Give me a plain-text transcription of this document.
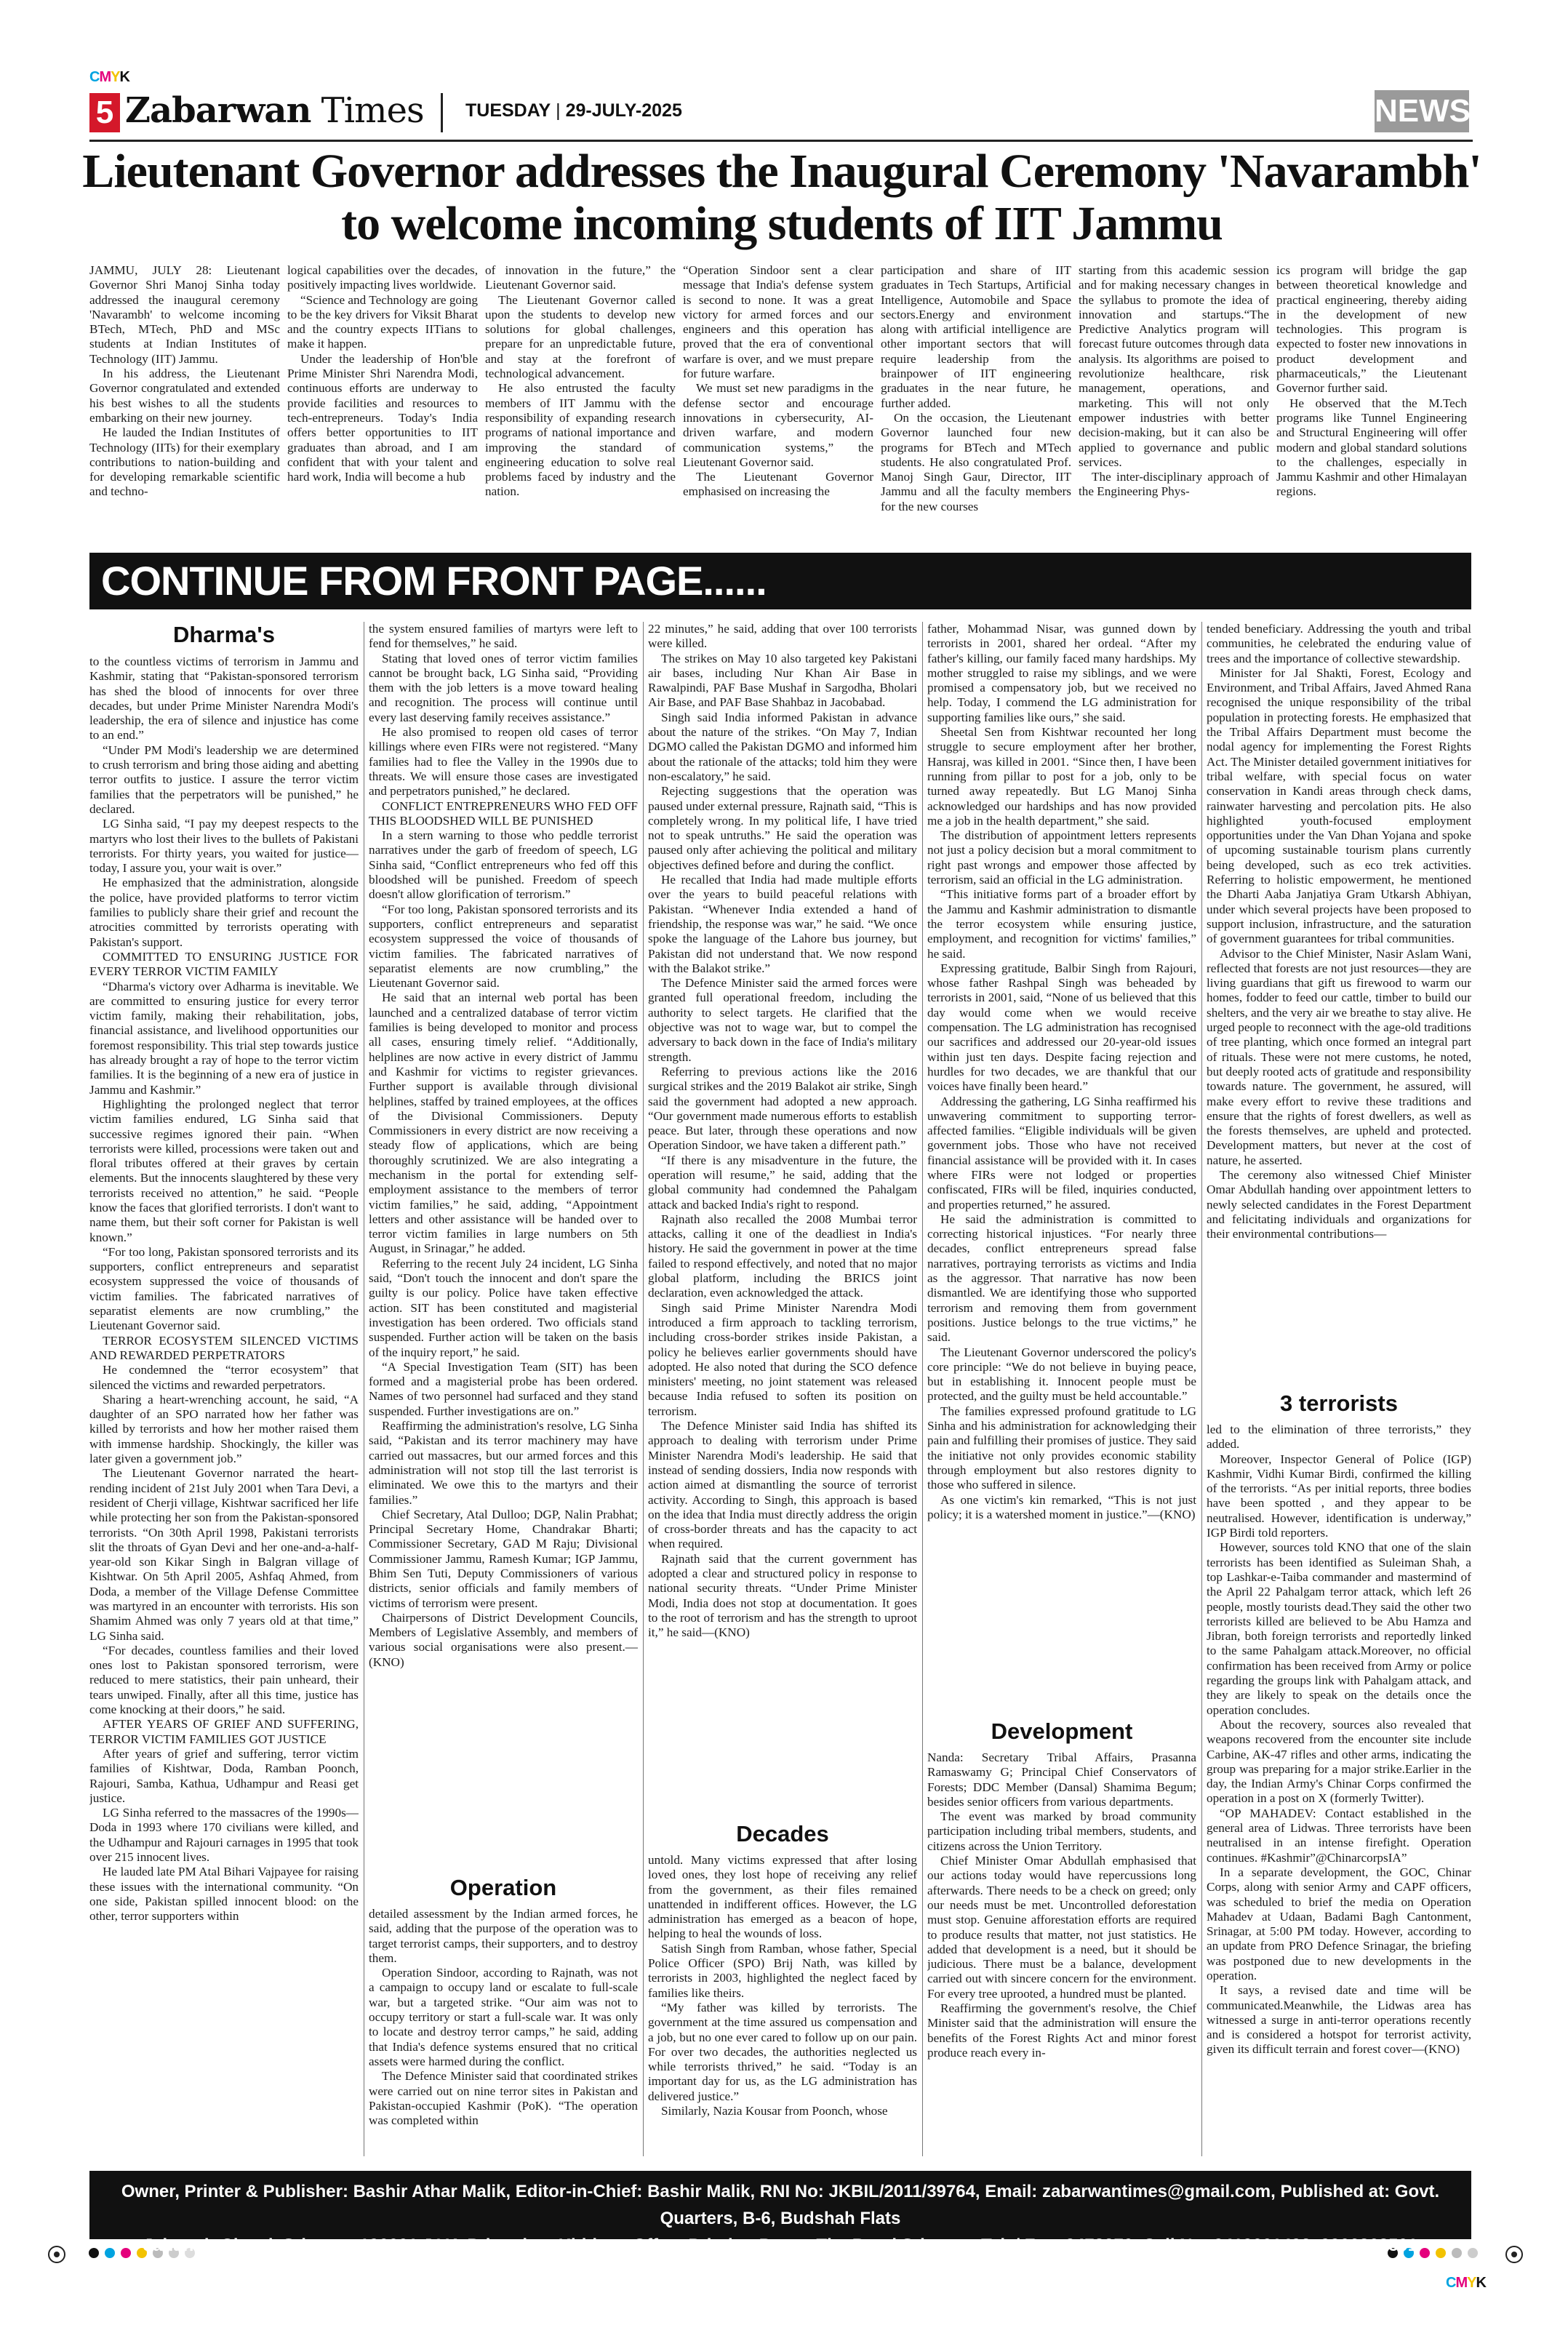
CMYK
CMYK
5 Zabarwan Times TUESDAY | 29-JULY-2025	NEWS
Lieutenant Governor addresses the Inaugural Ceremony 'Navarambh' to welcome incoming students of IIT Jammu

JAMMU, JULY 28: Lieutenant Governor Shri Manoj Sinha today addressed the inaugural ceremony 'Navarambh' to welcome incoming BTech, MTech, PhD and MSc students at Indian Institutes of Technology (IIT) Jammu.

In his address, the Lieutenant Governor congratulated and extended his best wishes to all the students embarking on their new journey.

He lauded the Indian Institutes of Technology (IITs) for their exemplary contributions to nation-building and for developing remarkable scientific and techno-

logical capabilities over the decades, positively impacting lives worldwide.

“Science and Technology are going to be the key drivers for Viksit Bharat and the country expects IITians to make it happen.

Under the leadership of Hon'ble Prime Minister Shri Narendra Modi, continuous efforts are underway to provide facilities and resources to tech-entrepreneurs. Today's India offers better opportunities to IIT graduates than abroad, and I am confident that with your talent and hard work, India will become a hub

of innovation in the future,” the Lieutenant Governor said.

The Lieutenant Governor called upon the students to develop new solutions for global challenges, prepare for an unpredictable future, and stay at the forefront of technological advancement.

He also entrusted the faculty members of IIT Jammu with the responsibility of expanding research programs of national importance and improving the standard of engineering education to solve real problems faced by industry and the nation.

“Operation Sindoor sent a clear message that India's defense system is second to none. It was a great victory for armed forces and our engineers and this operation has proved that the era of conventional warfare is over, and we must prepare for future warfare.

We must set new paradigms in the defense sector and encourage innovations in cybersecurity, AI-driven warfare, and modern communication systems,” the Lieutenant Governor said.

The Lieutenant Governor emphasised on increasing the

participation and share of IIT graduates in Tech Startups, Artificial Intelligence, Automobile and Space sectors.Energy and environment along with artificial intelligence are other important sectors that will require leadership from the brainpower of IIT engineering graduates in the near future, he further added.

On the occasion, the Lieutenant Governor launched four new programs for BTech and MTech students. He also congratulated Prof. Manoj Singh Gaur, Director, IIT Jammu and all the faculty members for the new courses

starting from this academic session and for making necessary changes in the syllabus to promote the idea of innovation and startups.“The Predictive Analytics program will forecast future outcomes through data analysis. Its algorithms are poised to revolutionize healthcare, risk management, operations, and marketing. This will not only empower industries with better decision-making, but it can also be applied to governance and public services.

The inter-disciplinary approach of the Engineering Phys-

ics program will bridge the gap between theoretical knowledge and practical engineering, thereby aiding in the development of new technologies. This program is expected to foster new innovations in product development and pharmaceuticals,” the Lieutenant Governor further said.

He observed that the M.Tech programs like Tunnel Engineering and Structural Engineering will offer modern and global standard solutions to the challenges, especially in Jammu Kashmir and other Himalayan regions.

CONTINUE FROM FRONT PAGE......
Dharma's

to the countless victims of terrorism in Jammu and Kashmir, stating that “Pakistan-sponsored terrorism has shed the blood of innocents for over three decades, but under Prime Minister Narendra Modi's leadership, the era of silence and injustice has come to an end.”

“Under PM Modi's leadership we are determined to crush terrorism and bring those aiding and abetting terror outfits to justice. I assure the terror victim families that the perpetrators will be punished,” he declared.

LG Sinha said, “I pay my deepest respects to the martyrs who lost their lives to the bullets of Pakistani terrorists. For thirty years, you waited for justice—today, I assure you, your wait is over.”

He emphasized that the administration, alongside the police, have provided platforms to terror victim families to publicly share their grief and recount the atrocities committed by terrorists operating with Pakistan's support.

COMMITTED TO ENSURING JUSTICE FOR EVERY TERROR VICTIM FAMILY

“Dharma's victory over Adharma is inevitable. We are committed to ensuring justice for every terror victim family, making their rehabilitation, jobs, financial assistance, and livelihood opportunities our foremost responsibility. This trial step towards justice has already brought a ray of hope to the terror victim families. It is the beginning of a new era of justice in Jammu and Kashmir.”

Highlighting the prolonged neglect that terror victim families endured, LG Sinha said that successive regimes ignored their pain. “When terrorists were killed, processions were taken out and floral tributes offered at their graves by certain elements. But the innocents slaughtered by these very terrorists received no attention,” he said. “People know the faces that glorified terrorists. I don't want to name them, but their soft corner for Pakistan is well known.”

“For too long, Pakistan sponsored terrorists and its supporters, conflict entrepreneurs and separatist ecosystem suppressed the voice of thousands of victim families. The fabricated narratives of separatist elements are now crumbling,” the Lieutenant Governor said.

TERROR ECOSYSTEM SILENCED VICTIMS AND REWARDED PERPETRATORS

He condemned the “terror ecosystem” that silenced the victims and rewarded perpetrators.

Sharing a heart-wrenching account, he said, “A daughter of an SPO narrated how her father was killed by terrorists and how her mother raised them with immense hardship. Shockingly, the killer was later given a government job.”

The Lieutenant Governor narrated the heart-rending incident of 21st July 2001 when Tara Devi, a resident of Cherji village, Kishtwar sacrificed her life while protecting her son from the Pakistan-sponsored terrorists. “On 30th April 1998, Pakistani terrorists slit the throats of Gyan Devi and her one-and-a-half-year-old son Kikar Singh in Balgran village of Kishtwar. On 5th April 2005, Ashfaq Ahmed, from Doda, a member of the Village Defense Committee was martyred in an encounter with terrorists. His son Shamim Ahmed was only 7 years old at that time,” LG Sinha said.

“For decades, countless families and their loved ones lost to Pakistan sponsored terrorism, were reduced to mere statistics, their pain unheard, their tears unwiped. Finally, after all this time, justice has come knocking at their doors,” he said.

AFTER YEARS OF GRIEF AND SUFFERING, TERROR VICTIM FAMILIES GOT JUSTICE

After years of grief and suffering, terror victim families of Kishtwar, Doda, Ramban Poonch, Rajouri, Samba, Kathua, Udhampur and Reasi get justice.

LG Sinha referred to the massacres of the 1990s—Doda in 1993 where 170 civilians were killed, and the Udhampur and Rajouri carnages in 1995 that took over 215 innocent lives.

He lauded late PM Atal Bihari Vajpayee for raising these issues with the international community. “On one side, Pakistan spilled innocent blood: on the other, terror supporters within

the system ensured families of martyrs were left to fend for themselves,” he said.

Stating that loved ones of terror victim families cannot be brought back, LG Sinha said, “Providing them with the job letters is a move toward healing and recognition. The process will continue until every last deserving family receives assistance.”

He also promised to reopen old cases of terror killings where even FIRs were not registered. “Many families had to flee the Valley in the 1990s due to threats. We will ensure those cases are investigated and perpetrators punished,” he declared.

CONFLICT ENTREPRENEURS WHO FED OFF THIS BLOODSHED WILL BE PUNISHED

In a stern warning to those who peddle terrorist narratives under the garb of freedom of speech, LG Sinha said, “Conflict entrepreneurs who fed off this bloodshed will be punished. Freedom of speech doesn't allow glorification of terrorism.”

“For too long, Pakistan sponsored terrorists and its supporters, conflict entrepreneurs and separatist ecosystem suppressed the voice of thousands of victim families. The fabricated narratives of separatist elements are now crumbling,” the Lieutenant Governor said.

He said that an internal web portal has been launched and a centralized database of terror victim families is being developed to monitor and process all cases, ensuring timely relief. “Additionally, helplines are now active in every district of Jammu and Kashmir for victims to register grievances. Further support is available through divisional helplines, staffed by trained employees, at the offices of the Divisional Commissioners. Deputy Commissioners in every district are now receiving a steady flow of applications, which are being thoroughly scrutinized. We are also integrating a mechanism in the portal for extending self-employment assistance to the members of terror victim families,” he said, adding, “Appointment letters and other assistance will be handed over to terror victim families in large numbers on 5th August, in Srinagar,” he added.

Referring to the recent July 24 incident, LG Sinha said, “Don't touch the innocent and don't spare the guilty is our policy. Police have taken effective action. SIT has been constituted and magisterial investigation has been ordered. Two officials stand suspended. Further action will be taken on the basis of the inquiry report,” he said.

“A Special Investigation Team (SIT) has been formed and a magisterial probe has been ordered. Names of two personnel had surfaced and they stand suspended. Further investigations are on.”

Reaffirming the administration's resolve, LG Sinha said, “Pakistan and its terror machinery may have carried out massacres, but our armed forces and this administration will not stop till the last terrorist is eliminated. We owe this to the martyrs and their families.”

Chief Secretary, Atal Dulloo; DGP, Nalin Prabhat; Principal Secretary Home, Chandrakar Bharti; Commissioner Secretary, GAD M Raju; Divisional Commissioner Jammu, Ramesh Kumar; IGP Jammu, Bhim Sen Tuti, Deputy Commissioners of various districts, senior officials and family members of victims of terrorism were present.

Chairpersons of District Development Councils, Members of Legislative Assembly, and members of various social organisations were also present.—(KNO)

Operation

detailed assessment by the Indian armed forces, he said, adding that the purpose of the operation was to target terrorist camps, their supporters, and to destroy them.

Operation Sindoor, according to Rajnath, was not a campaign to occupy land or escalate to full-scale war, but a targeted strike. “Our aim was not to occupy territory or start a full-scale war. It was only to locate and destroy terror camps,” he said, adding that India's defence systems ensured that no critical assets were harmed during the conflict.

The Defence Minister said that coordinated strikes were carried out on nine terror sites in Pakistan and Pakistan-occupied Kashmir (PoK). “The operation was completed within

22 minutes,” he said, adding that over 100 terrorists were killed.

The strikes on May 10 also targeted key Pakistani air bases, including Nur Khan Air Base in Rawalpindi, PAF Base Mushaf in Sargodha, Bholari Air Base, and PAF Base Shahbaz in Jacobabad.

Singh said India informed Pakistan in advance about the nature of the strikes. “On May 7, Indian DGMO called the Pakistan DGMO and informed him about the rationale of the attacks; told him they were non-escalatory,” he said.

Rejecting suggestions that the operation was paused under external pressure, Rajnath said, “This is completely wrong. In my political life, I have tried not to speak untruths.” He said the operation was paused only after achieving the political and military objectives defined before and during the conflict.

He recalled that India had made multiple efforts over the years to build peaceful relations with Pakistan. “Whenever India extended a hand of friendship, the response was war,” he said. “We once spoke the language of the Lahore bus journey, but Pakistan did not understand that. We now respond with the Balakot strike.”

The Defence Minister said the armed forces were granted full operational freedom, including the authority to select targets. He clarified that the objective was not to wage war, but to compel the adversary to back down in the face of India's military strength.

Referring to previous actions like the 2016 surgical strikes and the 2019 Balakot air strike, Singh said the government had adopted a new approach. “Our government made numerous efforts to establish peace. But later, through these operations and now Operation Sindoor, we have taken a different path.”

“If there is any misadventure in the future, the operation will resume,” he said, adding that the global community had condemned the Pahalgam attack and backed India's right to respond.

Rajnath also recalled the 2008 Mumbai terror attacks, calling it one of the deadliest in India's history. He said the government in power at the time failed to respond effectively, and noted that no major global platform, including the BRICS joint declaration, even acknowledged the attack.

Singh said Prime Minister Narendra Modi introduced a firm approach to tackling terrorism, including cross-border strikes inside Pakistan, a policy he believes earlier governments should have adopted. He also noted that during the SCO defence ministers' meeting, no joint statement was released because India refused to soften its position on terrorism.

The Defence Minister said India has shifted its approach to dealing with terrorism under Prime Minister Narendra Modi's leadership. He said that instead of sending dossiers, India now responds with action aimed at dismantling the source of terrorist activity. According to Singh, this approach is based on the idea that India must directly address the origin of cross-border threats and has the capacity to act when required.

Rajnath said that the current government has adopted a clear and structured policy in response to national security threats. “Under Prime Minister Modi, India does not stop at documentation. It goes to the root of terrorism and has the strength to uproot it,” he said—(KNO)

Decades

untold. Many victims expressed that after losing loved ones, they lost hope of receiving any relief from the government, as their files remained unattended in indifferent offices. However, the LG administration has emerged as a beacon of hope, helping to heal the wounds of loss.

Satish Singh from Ramban, whose father, Special Police Officer (SPO) Brij Nath, was killed by terrorists in 2003, highlighted the neglect faced by families like theirs.

“My father was killed by terrorists. The government at the time assured us compensation and a job, but no one ever cared to follow up on our pain. For over two decades, the authorities neglected us while terrorists thrived,” he said. “Today is an important day for us, as the LG administration has delivered justice.”

Similarly, Nazia Kousar from Poonch, whose

father, Mohammad Nisar, was gunned down by terrorists in 2001, shared her ordeal. “After my father's killing, our family faced many hardships. My mother struggled to raise my siblings, and we were promised a compensatory job, but we received no help. Today, I commend the LG administration for supporting families like ours,” she said.

Sheetal Sen from Kishtwar recounted her long struggle to secure employment after her brother, Hansraj, was killed in 2001. “Since then, I have been running from pillar to post for a job, only to be turned away repeatedly. But LG Manoj Sinha acknowledged our hardships and has now provided me a job in the health department,” she said.

The distribution of appointment letters represents not just a policy decision but a moral commitment to right past wrongs and empower those affected by terrorism, said an official in the LG administration.

“This initiative forms part of a broader effort by the Jammu and Kashmir administration to dismantle the terror ecosystem while ensuring justice, employment, and recognition for victims' families,” he said.

Expressing gratitude, Balbir Singh from Rajouri, whose father Rashpal Singh was beheaded by terrorists in 2001, said, “None of us believed that this day would come when we would receive compensation. The LG administration has recognised our sacrifices and addressed our 20-year-old issues within just ten days. Despite facing rejection and hurdles for two decades, we are thankful that our voices have finally been heard.”

Addressing the gathering, LG Sinha reaffirmed his unwavering commitment to supporting terror-affected families. “Eligible individuals will be given government jobs. Those who have not received financial assistance will be provided with it. In cases where FIRs were not lodged or properties confiscated, FIRs will be filed, inquiries conducted, and properties returned,” he assured.

He said the administration is committed to correcting historical injustices. “For nearly three decades, conflict entrepreneurs spread false narratives, portraying terrorists as victims and India as the aggressor. That narrative has now been dismantled. We are identifying those who supported terrorism and removing them from government positions. Justice belongs to the true victims,” he said.

The Lieutenant Governor underscored the policy's core principle: “We do not believe in buying peace, but in establishing it. Innocent people must be protected, and the guilty must be held accountable.”

The families expressed profound gratitude to LG Sinha and his administration for acknowledging their pain and fulfilling their promises of justice. They said the initiative not only provides economic stability through employment but also restores dignity to those who suffered in silence.

As one victim's kin remarked, “This is not just policy; it is a watershed moment in justice.”—(KNO)

Development

Nanda: Secretary Tribal Affairs, Prasanna Ramaswamy G; Principal Chief Conservators of Forests; DDC Member (Dansal) Shamima Begum; besides senior officers from various departments.

The event was marked by broad community participation including tribal members, students, and citizens across the Union Territory.

Chief Minister Omar Abdullah emphasised that our actions today would have repercussions long afterwards. There needs to be a check on greed; only our needs must be met. Uncontrolled deforestation must stop. Genuine afforestation efforts are required to produce results that matter, not just statistics. He added that development is a need, but it should be judicious. There must be a balance, development carried out with sincere concern for the environment. For every tree uprooted, a hundred must be planted.

Reaffirming the government's resolve, the Chief Minister said that the administration will ensure the benefits of the Forest Rights Act and minor forest produce reach every in-

tended beneficiary. Addressing the youth and tribal communities, he celebrated the enduring value of trees and the importance of collective stewardship.

Minister for Jal Shakti, Forest, Ecology and Environment, and Tribal Affairs, Javed Ahmed Rana recognised the unique responsibility of the tribal population in protecting forests. He emphasized that the Tribal Affairs Department must become the nodal agency for implementing the Forest Rights Act. The Minister detailed government initiatives for tribal welfare, with special focus on water conservation in Kandi areas through check dams, rainwater harvesting and percolation pits. He also highlighted youth-focused employment opportunities under the Van Dhan Yojana and spoke of upcoming sustainable tourism plans currently being developed, such as eco trek activities. Referring to holistic empowerment, he mentioned the Dharti Aaba Janjatiya Gram Utkarsh Abhiyan, under which several projects have been proposed to support inclusion, infrastructure, and the saturation of government guarantees for tribal communities.

Advisor to the Chief Minister, Nasir Aslam Wani, reflected that forests are not just resources—they are living guardians that gift us firewood to warm our homes, fodder to feed our cattle, timber to build our shelters, and the very air we breathe to stay alive. He urged people to reconnect with the age-old traditions of tree planting, which once formed an integral part of rituals. These were not mere customs, he noted, but deeply rooted acts of gratitude and responsibility towards nature. The government, he assured, will make every effort to revive these traditions and ensure that the rights of forest dwellers, as well as the forests themselves, are upheld and protected. Development matters, but never at the cost of nature, he asserted.

The ceremony also witnessed Chief Minister Omar Abdullah handing over appointment letters to newly selected candidates in the Forest Department and felicitating individuals and organizations for their environmental contributions—

3 terrorists

led to the elimination of three terrorists,” they added.

Moreover, Inspector General of Police (IGP) Kashmir, Vidhi Kumar Birdi, confirmed the killing of the terrorists. “As per initial reports, three bodies have been spotted , and they appear to be neutralised. However, identification is underway,” IGP Birdi told reporters.

However, sources told KNO that one of the slain terrorists has been identified as Suleiman Shah, a top Lashkar-e-Taiba commander and mastermind of the April 22 Pahalgam terror attack, which left 26 people, mostly tourists dead.They said the other two terrorists killed are believed to be Abu Hamza and Jibran, both foreign terrorists and reportedly linked to the same Pahalgam attack.Moreover, no official confirmation has been received from Army or police regarding the groups link with Pahalgam attack, and they are likely to speak on the details once the operation concludes.

About the recovery, sources also revealed that weapons recovered from the encounter site include Carbine, AK-47 rifles and other arms, indicating the group was preparing for a major strike.Earlier in the day, the Indian Army's Chinar Corps confirmed the operation in a post on X (formerly Twitter).

“OP MAHADEV: Contact established in the general area of Lidwas. Three terrorists have been neutralised in an intense firefight. Operation continues. #Kashmir”@ChinarcorpsIA”

In a separate development, the GOC, Chinar Corps, along with senior Army and CAPF officers, was scheduled to brief the media on Operation Mahadev at Udaan, Badami Bagh Cantonment, Srinagar, at 5:00 PM today. However, according to an update from PRO Defence Srinagar, the briefing was postponed due to new developments in the operation.

It says, a revised date and time will be communicated.Meanwhile, the Lidwas area has witnessed a surge in anti-terror operations recently and is considered a hotspot for terrorist activity, given its difficult terrain and forest cover—(KNO)

Owner, Printer & Publisher: Bashir Athar Malik, Editor-in-Chief: Bashir Malik, RNI No: JKBIL/2011/39764, Email: zabarwantimes@gmail.com, Published at: Govt. Quarters, B-6, Budshah Flats
Jahangir Chowk Srinagar-190001 J&K, Printed at: Khidmat Offset Printing Press, The Bund Srinagar, Tele/ Fax: 2478370, Cell No: 9419001492, 9906868501
